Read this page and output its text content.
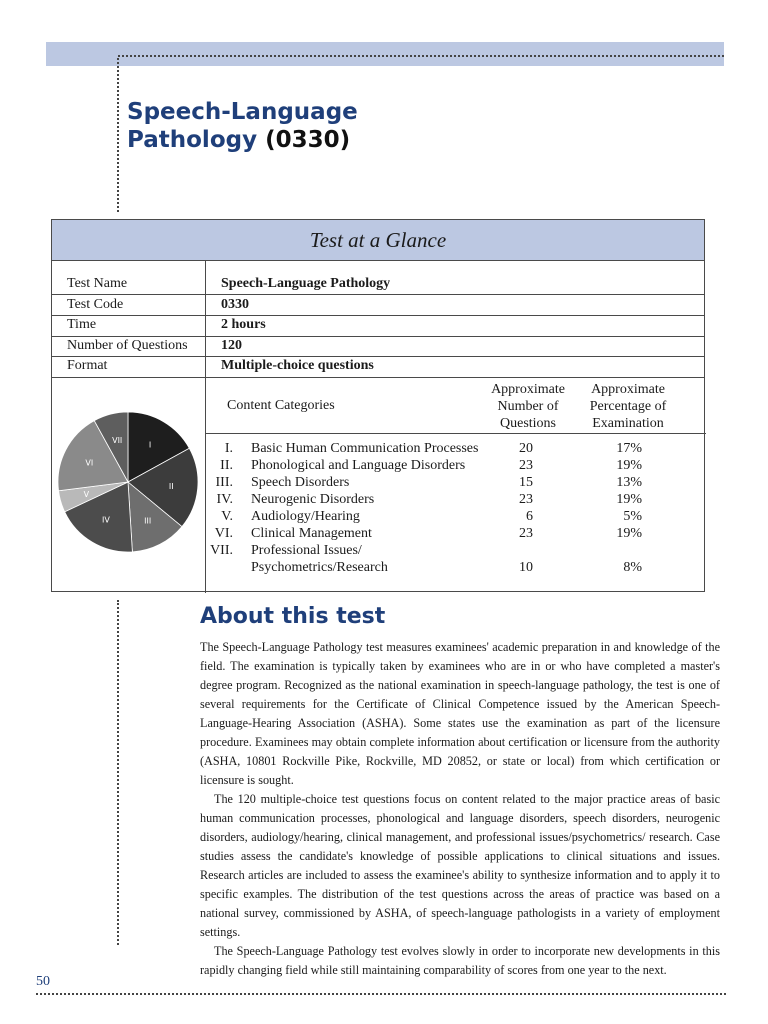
Speech-Language
Pathology (0330)
Test at a Glance
Test Name	Speech-Language Pathology
Test Code	0330
Time	2 hours
Number of Questions 120
Format	Multiple-choice questions
Content Categories
Approximate
Number of
Questions
Approximate
Percentage of
Examination
I. Basic Human Communication Processes	20	17%
II. Phonological and Language Disorders	23	19%
III. Speech Disorders	15	13%
IV. Neurogenic Disorders	23	19%
V. Audiology/Hearing	6	5%
VI. Clinical Management	23	19%
VII. Professional Issues/
Psychometrics/Research	10	8%
I
II
III
IV
V
VI
VII
About this test

The Speech-Language Pathology test measures examinees' academic preparation in and knowledge of the field. The examination is typically taken by examinees who are in or who have completed a master's degree program. Recognized as the national examination in speech-language pathology, the test is one of several requirements for the Certificate of Clinical Competence issued by the American Speech-Language-Hearing Association (ASHA). Some states use the examination as part of the licensure procedure. Examinees may obtain complete information about certification or licensure from the authority (ASHA, 10801 Rockville Pike, Rockville, MD 20852, or state or local) from which certification or licensure is sought.

The 120 multiple-choice test questions focus on content related to the major practice areas of basic human communication processes, phonological and language disorders, speech disorders, neurogenic disorders, audiology/hearing, clinical management, and professional issues/psychometrics/ research. Case studies assess the candidate's knowledge of possible applications to clinical situations and issues. Research articles are included to assess the examinee's ability to synthesize information and to apply it to specific examples. The distribution of the test questions across the areas of practice was based on a national survey, commissioned by ASHA, of speech-language pathologists in a variety of employment settings.

The Speech-Language Pathology test evolves slowly in order to incorporate new developments in this rapidly changing field while still maintaining comparability of scores from one year to the next.

50
